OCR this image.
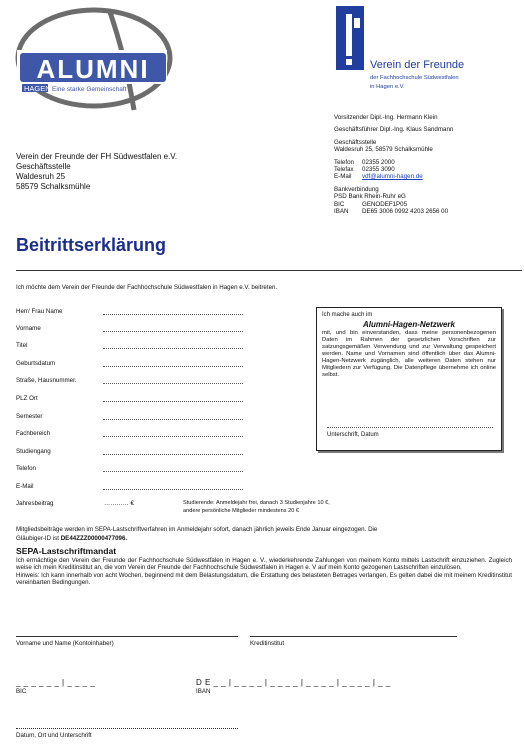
ALUMNI
HAGEN Eine starke Gemeinschaft
Verein der Freunde
der Fachhochschule Südwestfalen
in Hagen e.V.
Vorsitzender Dipl.-Ing. Hermann Klein
Geschäftsführer Dipl.-Ing. Klaus Sandmann
Geschäftsstelle
Waldesruh 25, 58579 Schalksmühle
Telefon 02355 2000
Telefax 02355 3090
E-Mail vdf@alumni-hagen.de
Bankverbindung
PSD Bank Rhein-Ruhr eG
BIC	GENODEF1P05
IBAN DE65 3006 0992 4203 2656 00
Verein der Freunde der FH Südwestfalen e.V.
Geschäftsstelle
Waldesruh 25
58579 Schalksmühle
Beitrittserklärung
Ich möchte dem Verein der Freunde der Fachhochschule Südwestfalen in Hagen e.V. beitreten.
Herr/ Frau Name
Vorname
Titel
Geburtsdatum
Straße, Hausnummer.
PLZ Ort
Semester
Fachbereich
Studiengang
Telefon
E-Mail
Ich mache auch im
Alumni-Hagen-Netzwerk
mit, und bin einverstanden, dass meine personenbezogenen Daten im Rahmen der gesetzlichen Vorschriften zur satzungsgemäßen Verwendung und zur Verwaltung gespeichert werden. Name und Vornamen sind öffentlich über das Alumni-Hagen-Netzwerk zugänglich, alle weiteren Daten stehen nur Mitgliedern zur Verfügung. Die Datenpflege übernehme ich online selbst.
Unterschrift, Datum
Jahresbeitrag	………… €	Studierende: Anmeldejahr frei, danach 3 Studienjahre 10 €,
andere persönliche Mitglieder mindestens 20 €
Mitgliedsbeiträge werden im SEPA-Lastschriftverfahren im Anmeldejahr sofort, danach jährlich jeweils Ende Januar eingezogen. Die
Gläubiger-ID ist DE44ZZZ00000477096.
SEPA-Lastschriftmandat
Ich ermächtige den Verein der Freunde der Fachhochschule Südwestfalen in Hagen e. V., wiederkehrende Zahlungen von meinem Konto mittels Lastschrift einzuziehen. Zugleich weise ich mein Kreditinstitut an, die vom Verein der Freunde der Fachhochschule Südwestfalen in Hagen e. V auf mein Konto gezogenen Lastschriften einzulösen.
Hinweis: Ich kann innerhalb von acht Wochen, beginnend mit dem Belastungsdatum, die Erstattung des belasteten Betrages verlangen. Es gelten dabei die mit meinem Kreditinstitut vereinbarten Bedingungen.
Vorname und Name (Kontoinhaber)	Kreditinstitut
_ _ _ _ _ _ | _ _ _ _
BIC
D E _ _ | _ _ _ _ | _ _ _ _ | _ _ _ _ | _ _ _ _ | _ _
IBAN
Datum, Ort und Unterschrift
